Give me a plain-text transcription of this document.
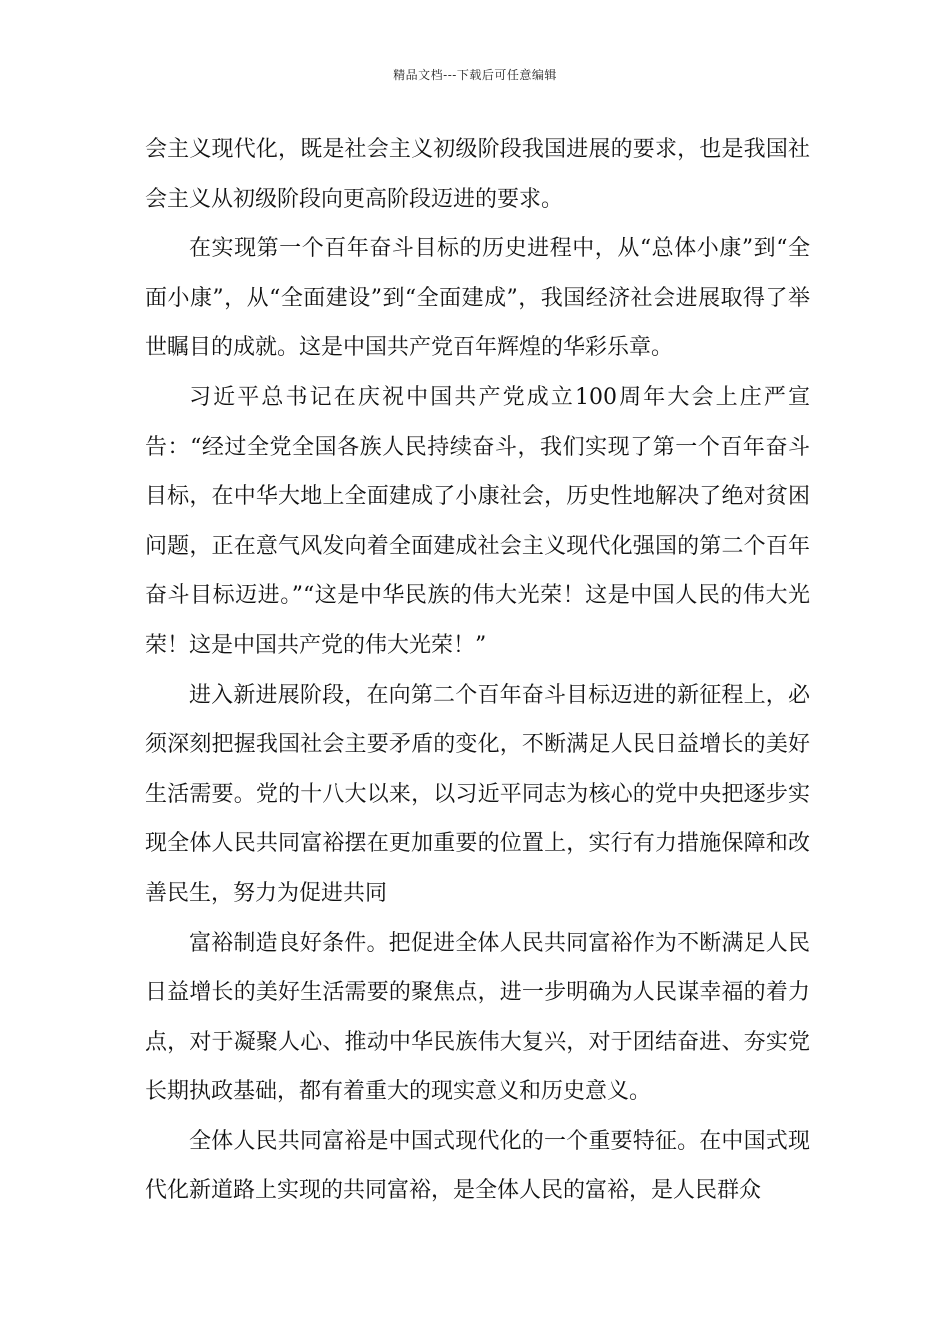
精品文档---下载后可任意编辑

会主义现代化，既是社会主义初级阶段我国进展的要求，也是我国社会主义从初级阶段向更高阶段迈进的要求。

在实现第一个百年奋斗目标的历史进程中，从“总体小康”到“全面小康”，从“全面建设”到“全面建成”，我国经济社会进展取得了举世瞩目的成就。这是中国共产党百年辉煌的华彩乐章。

习近平总书记在庆祝中国共产党成立100周年大会上庄严宣告：“经过全党全国各族人民持续奋斗，我们实现了第一个百年奋斗目标，在中华大地上全面建成了小康社会，历史性地解决了绝对贫困问题，正在意气风发向着全面建成社会主义现代化强国的第二个百年奋斗目标迈进。”“这是中华民族的伟大光荣！这是中国人民的伟大光荣！这是中国共产党的伟大光荣！”

进入新进展阶段，在向第二个百年奋斗目标迈进的新征程上，必须深刻把握我国社会主要矛盾的变化，不断满足人民日益增长的美好生活需要。党的十八大以来，以习近平同志为核心的党中央把逐步实现全体人民共同富裕摆在更加重要的位置上，实行有力措施保障和改善民生，努力为促进共同

富裕制造良好条件。把促进全体人民共同富裕作为不断满足人民日益增长的美好生活需要的聚焦点，进一步明确为人民谋幸福的着力点，对于凝聚人心、推动中华民族伟大复兴，对于团结奋进、夯实党长期执政基础，都有着重大的现实意义和历史意义。

全体人民共同富裕是中国式现代化的一个重要特征。在中国式现代化新道路上实现的共同富裕，是全体人民的富裕，是人民群众
